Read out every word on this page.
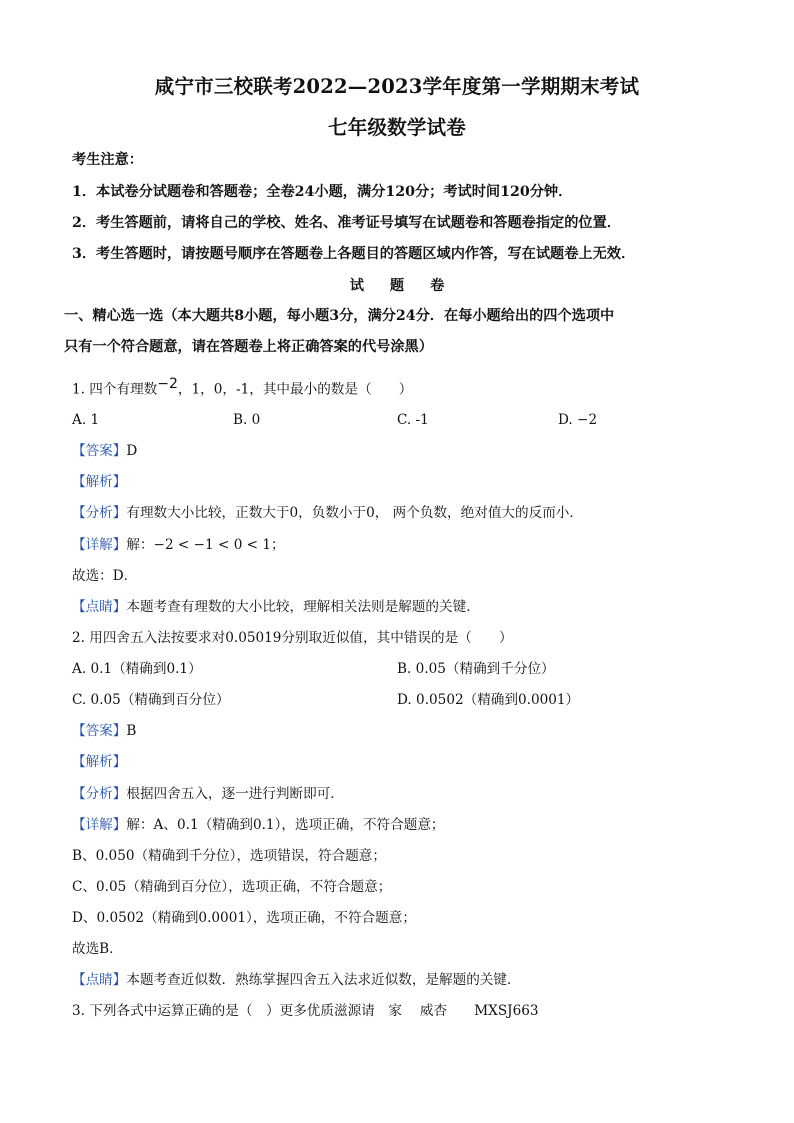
咸宁市三校联考2022—2023学年度第一学期期末考试
七年级数学试卷
考生注意：
1．本试卷分试题卷和答题卷；全卷24小题，满分120分；考试时间120分钟．
2．考生答题前，请将自己的学校、姓名、准考证号填写在试题卷和答题卷指定的位置．
3．考生答题时，请按题号顺序在答题卷上各题目的答题区域内作答，写在试题卷上无效．
试 题 卷
一、精心选一选（本大题共8小题，每小题3分，满分24分．在每小题给出的四个选项中
只有一个符合题意，请在答题卷上将正确答案的代号涂黑）
1. 四个有理数$^{-2}$，1，0，-1，其中最小的数是（　　）
A. 1	B. 0	C. -1	D. −2
【答案】D
【解析】
【分析】有理数大小比较，正数大于0，负数小于0， 两个负数，绝对值大的反而小．
【详解】解：−2 < −1 < 0 < 1；
故选：D．
【点睛】本题考查有理数的大小比较，理解相关法则是解题的关键．
2. 用四舍五入法按要求对0.05019分别取近似值，其中错误的是（　　）
A. 0.1（精确到0.1）	B. 0.05（精确到千分位）
C. 0.05（精确到百分位）	D. 0.0502（精确到0.0001）
【答案】B
【解析】
【分析】根据四舍五入，逐一进行判断即可．
【详解】解：A、0.1（精确到0.1），选项正确，不符合题意；
B、0.050（精确到千分位），选项错误，符合题意；
C、0.05（精确到百分位），选项正确，不符合题意；
D、0.0502（精确到0.0001），选项正确，不符合题意；
故选B．
【点睛】本题考查近似数．熟练掌握四舍五入法求近似数，是解题的关键．
3. 下列各式中运算正确的是（　）更多优质滋源请　家　 威杏　　MXSJ663
